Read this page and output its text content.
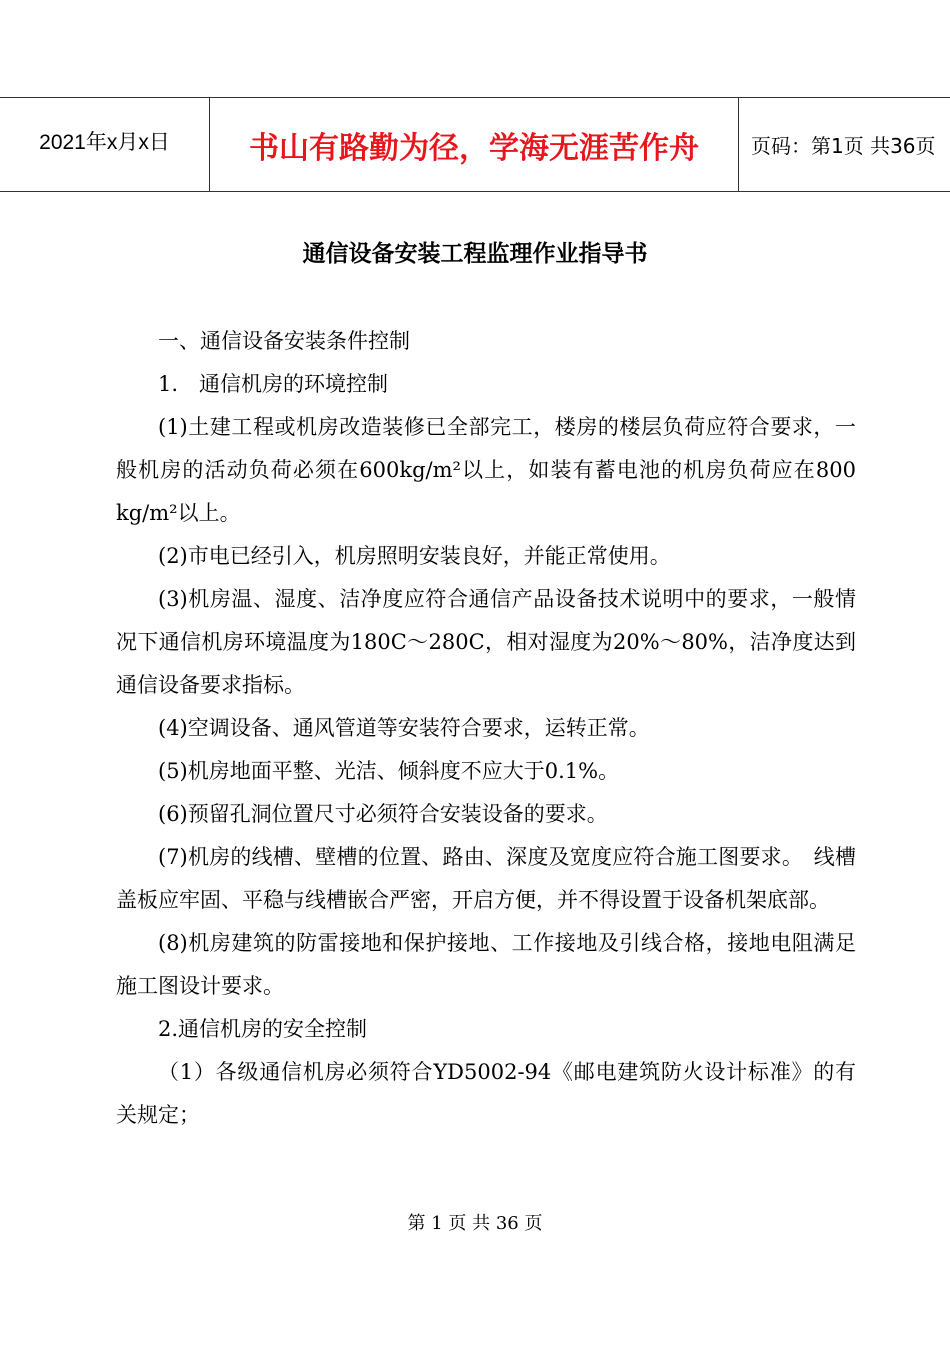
2021年x月x日	书山有路勤为径，学海无涯苦作舟	页码：第1页 共36页
通信设备安装工程监理作业指导书

一、通信设备安装条件控制

1.　通信机房的环境控制

(1)土建工程或机房改造装修已全部完工，楼房的楼层负荷应符合要求，一般机房的活动负荷必须在600kg/m²以上，如装有蓄电池的机房负荷应在800 kg/m²以上。

(2)市电已经引入，机房照明安装良好，并能正常使用。

(3)机房温、湿度、洁净度应符合通信产品设备技术说明中的要求，一般情况下通信机房环境温度为180C～280C，相对湿度为20%～80%，洁净度达到通信设备要求指标。

(4)空调设备、通风管道等安装符合要求，运转正常。

(5)机房地面平整、光洁、倾斜度不应大于0.1%。

(6)预留孔洞位置尺寸必须符合安装设备的要求。

(7)机房的线槽、壁槽的位置、路由、深度及宽度应符合施工图要求。　线槽盖板应牢固、平稳与线槽嵌合严密，开启方便，并不得设置于设备机架底部。

(8)机房建筑的防雷接地和保护接地、工作接地及引线合格，接地电阻满足施工图设计要求。

2.通信机房的安全控制

（1）各级通信机房必须符合YD5002-94《邮电建筑防火设计标准》的有关规定；

第 1 页 共 36 页
